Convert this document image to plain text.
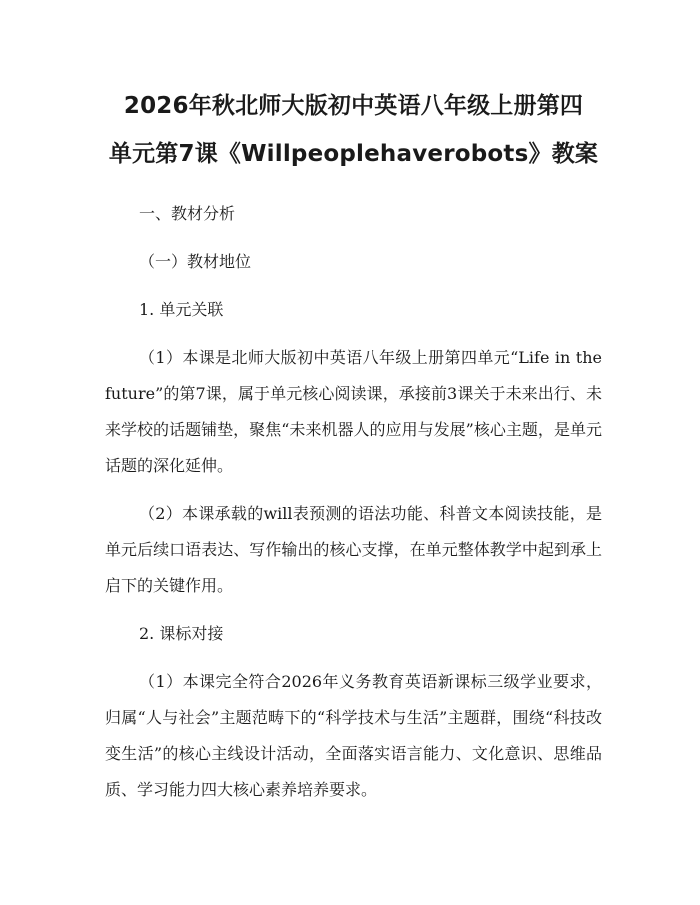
2026年秋北师大版初中英语八年级上册第四
单元第7课《Willpeoplehaverobots》教案

一、教材分析

（一）教材地位

1. 单元关联

（1）本课是北师大版初中英语八年级上册第四单元“Life in the future”的第7课，属于单元核心阅读课，承接前3课关于未来出行、未来学校的话题铺垫，聚焦“未来机器人的应用与发展”核心主题，是单元话题的深化延伸。

（2）本课承载的will表预测的语法功能、科普文本阅读技能，是单元后续口语表达、写作输出的核心支撑，在单元整体教学中起到承上启下的关键作用。

2. 课标对接

（1）本课完全符合2026年义务教育英语新课标三级学业要求，归属“人与社会”主题范畴下的“科学技术与生活”主题群，围绕“科技改变生活”的核心主线设计活动，全面落实语言能力、文化意识、思维品质、学习能力四大核心素养培养要求。
